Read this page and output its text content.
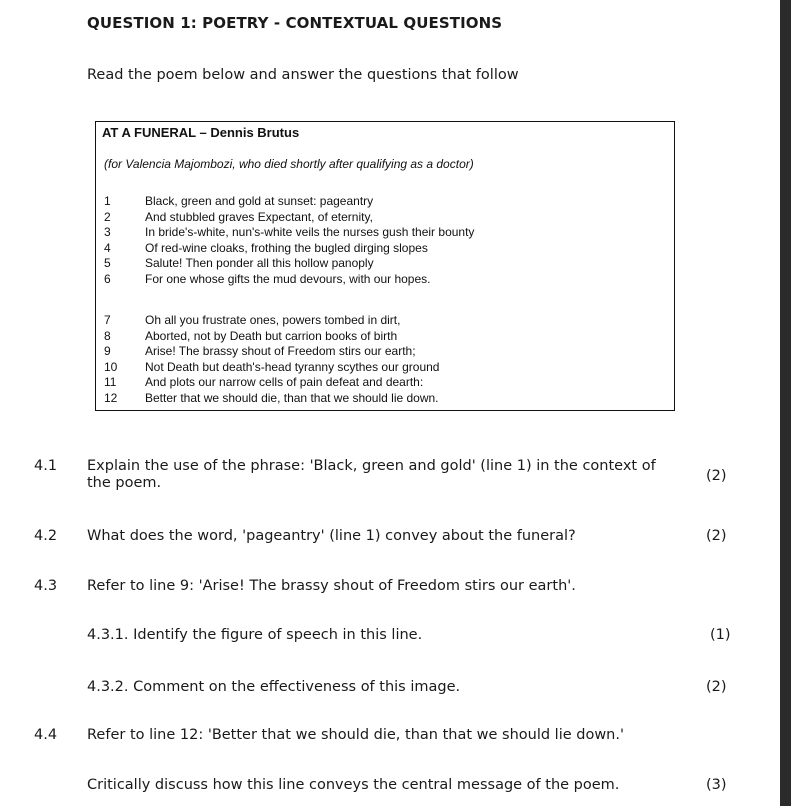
QUESTION 1: POETRY - CONTEXTUAL QUESTIONS
Read the poem below and answer the questions that follow
AT A FUNERAL – Dennis Brutus
(for Valencia Majombozi, who died shortly after qualifying as a doctor)
1	Black, green and gold at sunset: pageantry
2	And stubbled graves Expectant, of eternity,
3	In bride's-white, nun's-white veils the nurses gush their bounty
4	Of red-wine cloaks, frothing the bugled dirging slopes
5	Salute! Then ponder all this hollow panoply
6	For one whose gifts the mud devours, with our hopes.
7	Oh all you frustrate ones, powers tombed in dirt,
8	Aborted, not by Death but carrion books of birth
9	Arise! The brassy shout of Freedom stirs our earth;
10	Not Death but death's-head tyranny scythes our ground
11	And plots our narrow cells of pain defeat and dearth:
12	Better that we should die, than that we should lie down.
4.1 Explain the use of the phrase: 'Black, green and gold' (line 1) in the context of
the poem.	(2)
4.2 What does the word, 'pageantry' (line 1) convey about the funeral?	(2)
4.3 Refer to line 9: 'Arise! The brassy shout of Freedom stirs our earth'.
4.3.1. Identify the figure of speech in this line.	(1)
4.3.2. Comment on the effectiveness of this image.	(2)
4.4 Refer to line 12: 'Better that we should die, than that we should lie down.'
Critically discuss how this line conveys the central message of the poem.	(3)
